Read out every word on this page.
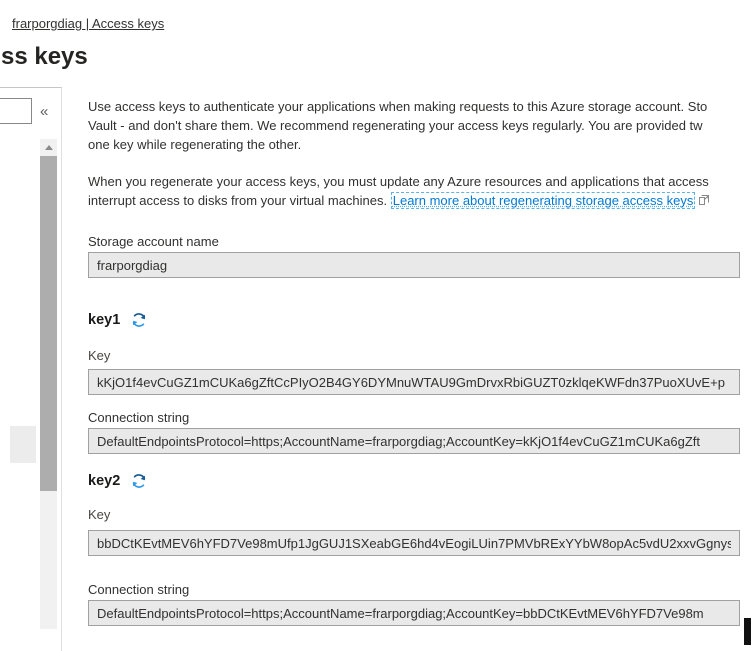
frarporgdiag | Access keys
ss keys
«	Use access keys to authenticate your applications when making requests to this Azure storage account. Sto
Vault - and don't share them. We recommend regenerating your access keys regularly. You are provided tw
one key while regenerating the other.
When you regenerate your access keys, you must update any Azure resources and applications that access
interrupt access to disks from your virtual machines. Learn more about regenerating storage access keys
Storage account name
frarporgdiag
key1
Key
kKjO1f4evCuGZ1mCUKa6gZftCcPIyO2B4GY6DYMnuWTAU9GmDrvxRbiGUZT0zklqeKWFdn37PuoXUvE+p
Connection string
DefaultEndpointsProtocol=https;AccountName=frarporgdiag;AccountKey=kKjO1f4evCuGZ1mCUKa6gZft
key2
Key
bbDCtKEvtMEV6hYFD7Ve98mUfp1JgGUJ1SXeabGE6hd4vEogiLUin7PMVbRExYYbW8opAc5vdU2xxvGgnys
Connection string
DefaultEndpointsProtocol=https;AccountName=frarporgdiag;AccountKey=bbDCtKEvtMEV6hYFD7Ve98m
